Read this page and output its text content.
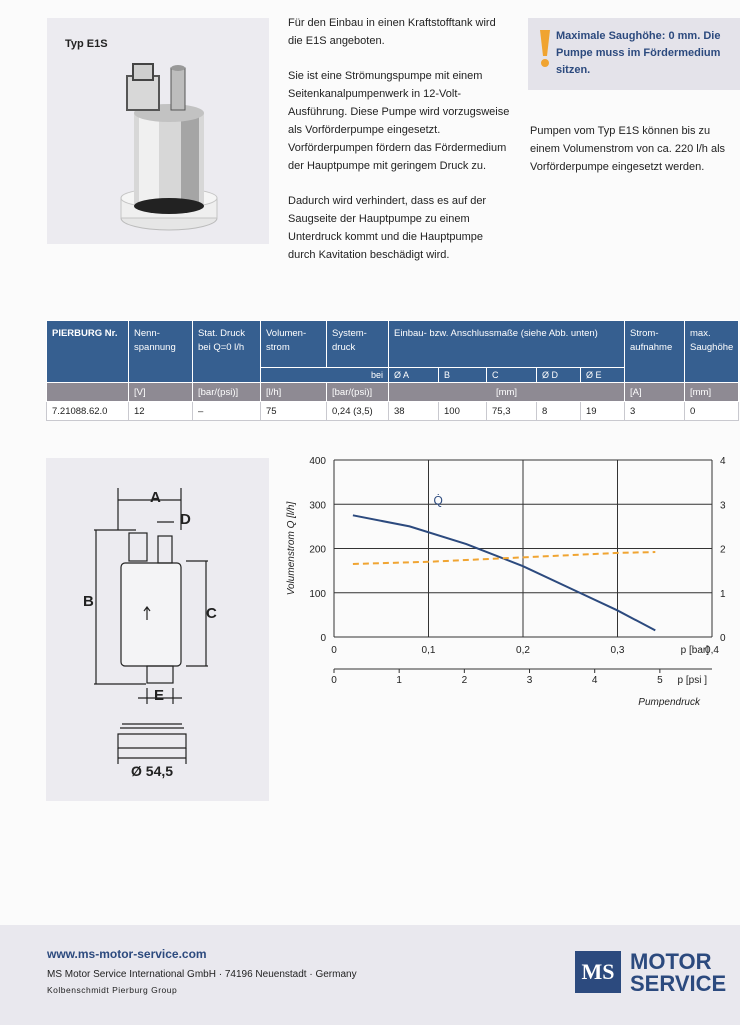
Typ E1S

Für den Einbau in einen Kraftstofftank wird die E1S angeboten.

Sie ist eine Strömungspumpe mit einem Seitenkanalpumpenwerk in 12-Volt-Ausführung. Diese Pumpe wird vorzugsweise als Vorförderpumpe eingesetzt. Vorförderpumpen fördern das Fördermedium der Hauptpumpe mit geringem Druck zu.

Dadurch wird verhindert, dass es auf der Saugseite der Hauptpumpe zu einem Unterdruck kommt und die Hauptpumpe durch Kavitation beschädigt wird.

Maximale Saughöhe: 0 mm. Die Pumpe muss im Fördermedium sitzen.
Pumpen vom Typ E1S können bis zu einem Volumenstrom von ca. 220 l/h als Vorförderpumpe eingesetzt werden.
PIERBURG Nr.	Nenn-spannung	Stat. Druck bei Q=0 l/h	Volumen-strom	System-druck	Einbau- bzw. Anschlussmaße (siehe Abb. unten)					Strom-aufnahme	max. Saughöhe
			bei		Ø A	B	C	Ø D	Ø E		
	[V]	[bar/(psi)]	[l/h]	[bar/(psi)]	[mm]					[A]	[mm]
7.21088.62.0	12	–	75	0,24 (3,5)	38	100	75,3	8	19	3	0
A
D
B
C
E
Ø 54,5
0
100
200
300
400
0
1
2
3
4
0	0,1	0,2	0,3	0,4
0	1	2	3	4	5
p [bar]
p [psi ]
Pumpendruck
Volumenstrom Q [l/h]
Q̇
www.ms-motor-service.com
MS Motor Service International GmbH · 74196 Neuenstadt · Germany
Kolbenschmidt Pierburg Group
MS MOTOR
SERVICE
